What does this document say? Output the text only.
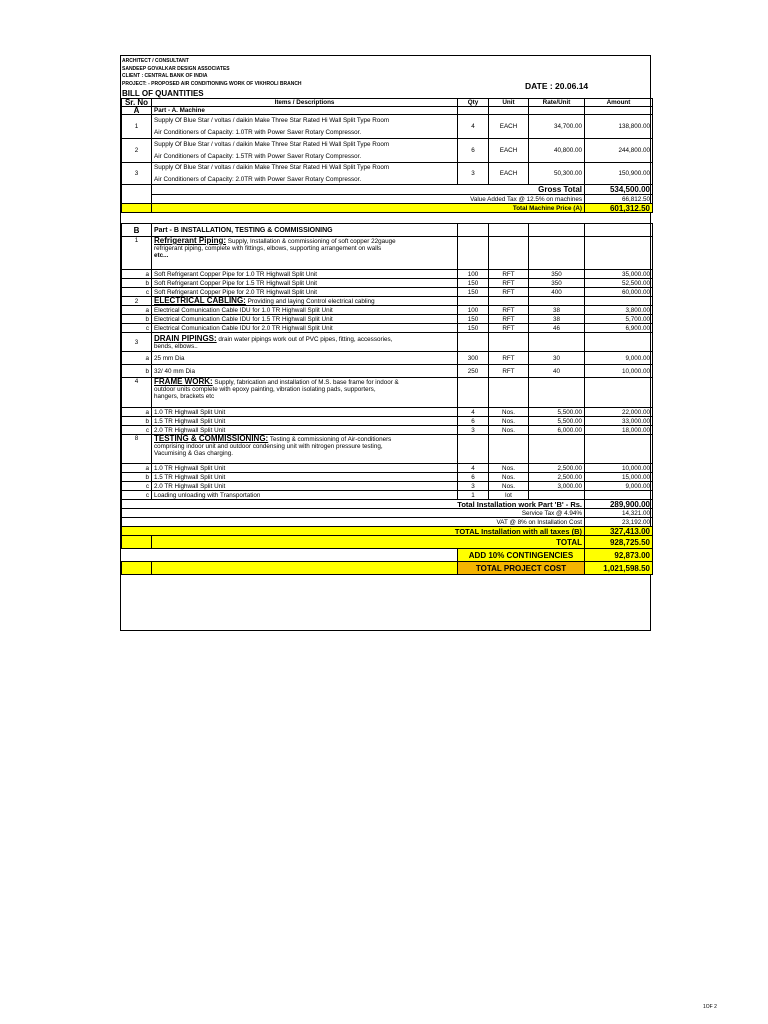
ARCHITECT / CONSULTANT
SANDEEP GOVALKAR DESIGN ASSOCIATES
CLIENT : CENTRAL BANK OF INDIA
PROJECT: - PROPOSED AIR CONDITIONING WORK OF VIKHROLI BRANCH	DATE : 20.06.14
BILL OF QUANTITIES
Sr. No	Items / Descriptions	Qty	Unit	Rate/Unit	Amount
A	Part - A. Machine				
1	Supply Of Blue Star / voltas / daikin Make Three Star Rated Hi Wall Split Type Room
Air Conditioners of Capacity: 1.0TR with Power Saver Rotary Compressor.	4	EACH	34,700.00	138,800.00
2	Supply Of Blue Star / voltas / daikin Make Three Star Rated Hi Wall Split Type Room
Air Conditioners of Capacity: 1.5TR with Power Saver Rotary Compressor.	6	EACH	40,800.00	244,800.00
3	Supply Of Blue Star / voltas / daikin Make Three Star Rated Hi Wall Split Type Room
Air Conditioners of Capacity: 2.0TR with Power Saver Rotary Compressor.	3	EACH	50,300.00	150,900.00
	Gross Total				534,500.00
	Value Added Tax @ 12.5% on machines				66,812.50
	Total Machine Price (A)				601,312.50

B	Part - B INSTALLATION, TESTING & COMMISSIONING				
1	Refrigerant Piping: Supply, Installation & commissioning of soft copper 22gauge
refrigerant piping, complete with fittings, elbows, supporting arrangement on walls
etc...				

a	Soft Refrigerant Copper Pipe for 1.0 TR Highwall Split Unit	100	RFT	350	35,000.00
b	Soft Refrigerant Copper Pipe for 1.5 TR Highwall Split Unit	150	RFT	350	52,500.00
c	Soft Refrigerant Copper Pipe for 2.0 TR Highwall Split Unit	150	RFT	400	60,000.00
2	ELECTRICAL CABLING: Providing and laying Control electrical cabling				
a	Electrical Comunication Cable IDU for 1.0 TR Highwall Split Unit	100	RFT	38	3,800.00
b	Electrical Comunication Cable IDU for 1.5 TR Highwall Split Unit	150	RFT	38	5,700.00
c	Electrical Comunication Cable IDU for 2.0 TR Highwall Split Unit	150	RFT	46	6,900.00
3	DRAIN PIPINGS: drain water pipings work out of PVC pipes, fitting, accessories,
bends, elbows..				

a	25 mm Dia	300	RFT	30	9,000.00
b	32/ 40 mm Dia	250	RFT	40	10,000.00
4	FRAME WORK: Supply, fabrication and installation of M.S. base frame for indoor &
outdoor units complete with epoxy painting, vibration isolating pads, supporters,
hangers, brackets etc				

a	1.0 TR Highwall Split Unit	4	Nos.	5,500.00	22,000.00
b	1.5 TR Highwall Split Unit	6	Nos.	5,500.00	33,000.00
c	2.0 TR Highwall Split Unit	3	Nos.	6,000.00	18,000.00
8	TESTING & COMMISSIONING: Testing & commissioning of Air-conditioners
comprising indoor unit and outdoor condensing unit with nitrogen pressure testing,
Vacumising & Gas charging.				

a	1.0 TR Highwall Split Unit	4	Nos.	2,500.00	10,000.00
b	1.5 TR Highwall Split Unit	6	Nos.	2,500.00	15,000.00
c	2.0 TR Highwall Split Unit	3	Nos.	3,000.00	9,000.00
c	Loading unloading with Transportation	1	lot		
Total Installation work Part 'B' - Rs.					289,900.00
Service Tax @ 4.94%					14,321.00
VAT @ 8% on Installation Cost					23,192.00
TOTAL Installation with all taxes (B)					327,413.00
	TOTAL				928,725.50
		ADD 10% CONTINGENCIES			92,873.00
		TOTAL PROJECT COST			1,021,598.50
1OF 2
